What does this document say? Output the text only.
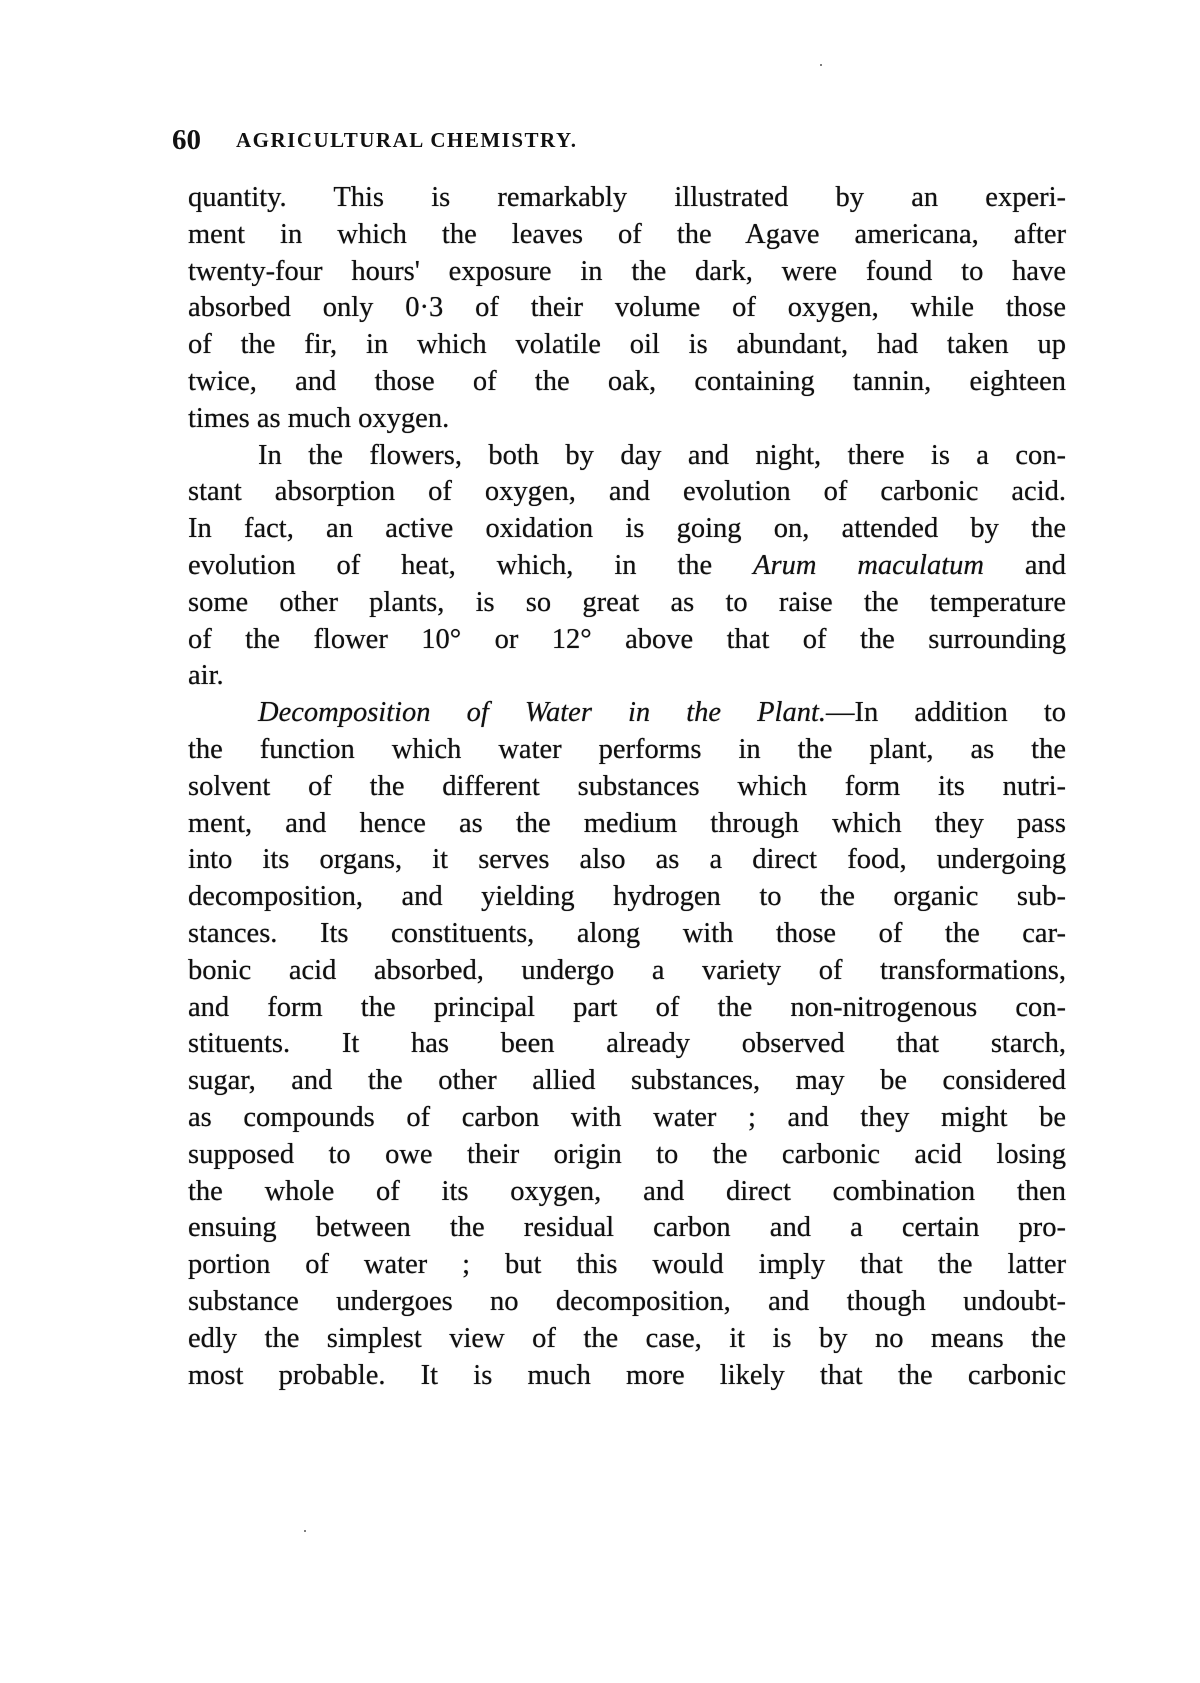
60 AGRICULTURAL CHEMISTRY.
quantity. This is remarkably illustrated by an experi-
ment in which the leaves of the Agave americana, after
twenty-four hours' exposure in the dark, were found to have
absorbed only 0·3 of their volume of oxygen, while those
of the fir, in which volatile oil is abundant, had taken up
twice, and those of the oak, containing tannin, eighteen
times as much oxygen.
In the flowers, both by day and night, there is a con-
stant absorption of oxygen, and evolution of carbonic acid.
In fact, an active oxidation is going on, attended by the
evolution of heat, which, in the Arum maculatum and
some other plants, is so great as to raise the temperature
of the flower 10° or 12° above that of the surrounding
air.
Decomposition of Water in the Plant.—In addition to
the function which water performs in the plant, as the
solvent of the different substances which form its nutri-
ment, and hence as the medium through which they pass
into its organs, it serves also as a direct food, undergoing
decomposition, and yielding hydrogen to the organic sub-
stances. Its constituents, along with those of the car-
bonic acid absorbed, undergo a variety of transformations,
and form the principal part of the non-nitrogenous con-
stituents. It has been already observed that starch,
sugar, and the other allied substances, may be considered
as compounds of carbon with water ; and they might be
supposed to owe their origin to the carbonic acid losing
the whole of its oxygen, and direct combination then
ensuing between the residual carbon and a certain pro-
portion of water ; but this would imply that the latter
substance undergoes no decomposition, and though undoubt-
edly the simplest view of the case, it is by no means the
most probable. It is much more likely that the carbonic
